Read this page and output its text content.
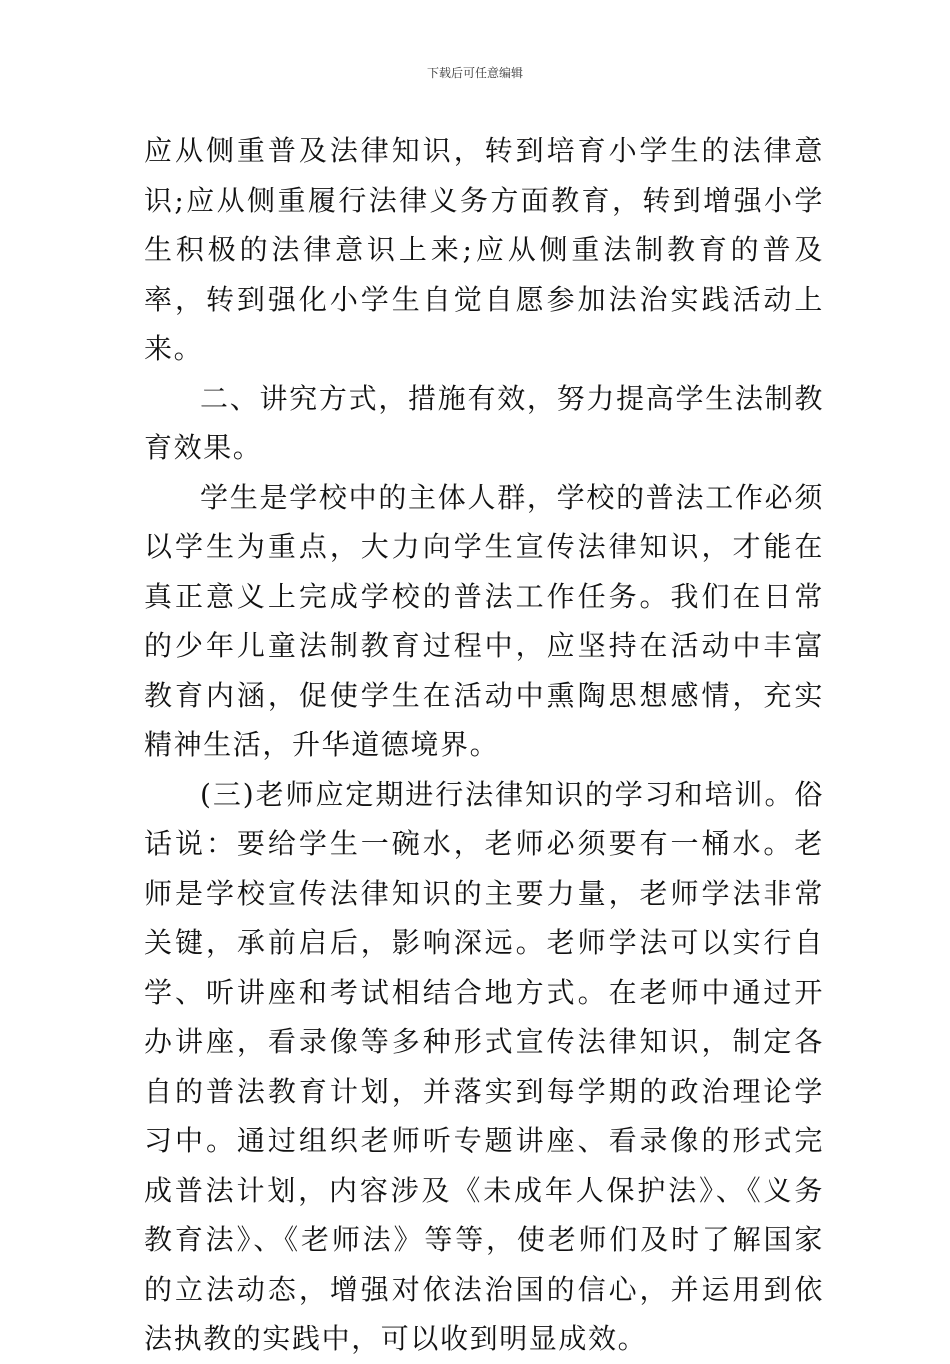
下载后可任意编辑

应从侧重普及法律知识，转到培育小学生的法律意识;应从侧重履行法律义务方面教育，转到增强小学生积极的法律意识上来;应从侧重法制教育的普及率，转到强化小学生自觉自愿参加法治实践活动上来。

二、讲究方式，措施有效，努力提高学生法制教育效果。

学生是学校中的主体人群，学校的普法工作必须以学生为重点，大力向学生宣传法律知识，才能在真正意义上完成学校的普法工作任务。我们在日常的少年儿童法制教育过程中，应坚持在活动中丰富教育内涵，促使学生在活动中熏陶思想感情，充实精神生活，升华道德境界。

(三)老师应定期进行法律知识的学习和培训。俗话说：要给学生一碗水，老师必须要有一桶水。老师是学校宣传法律知识的主要力量，老师学法非常关键，承前启后，影响深远。老师学法可以实行自学、听讲座和考试相结合地方式。在老师中通过开办讲座，看录像等多种形式宣传法律知识，制定各自的普法教育计划，并落实到每学期的政治理论学习中。通过组织老师听专题讲座、看录像的形式完成普法计划，内容涉及《未成年人保护法》、《义务教育法》、《老师法》等等，使老师们及时了解国家的立法动态，增强对依法治国的信心，并运用到依法执教的实践中，可以收到明显成效。
